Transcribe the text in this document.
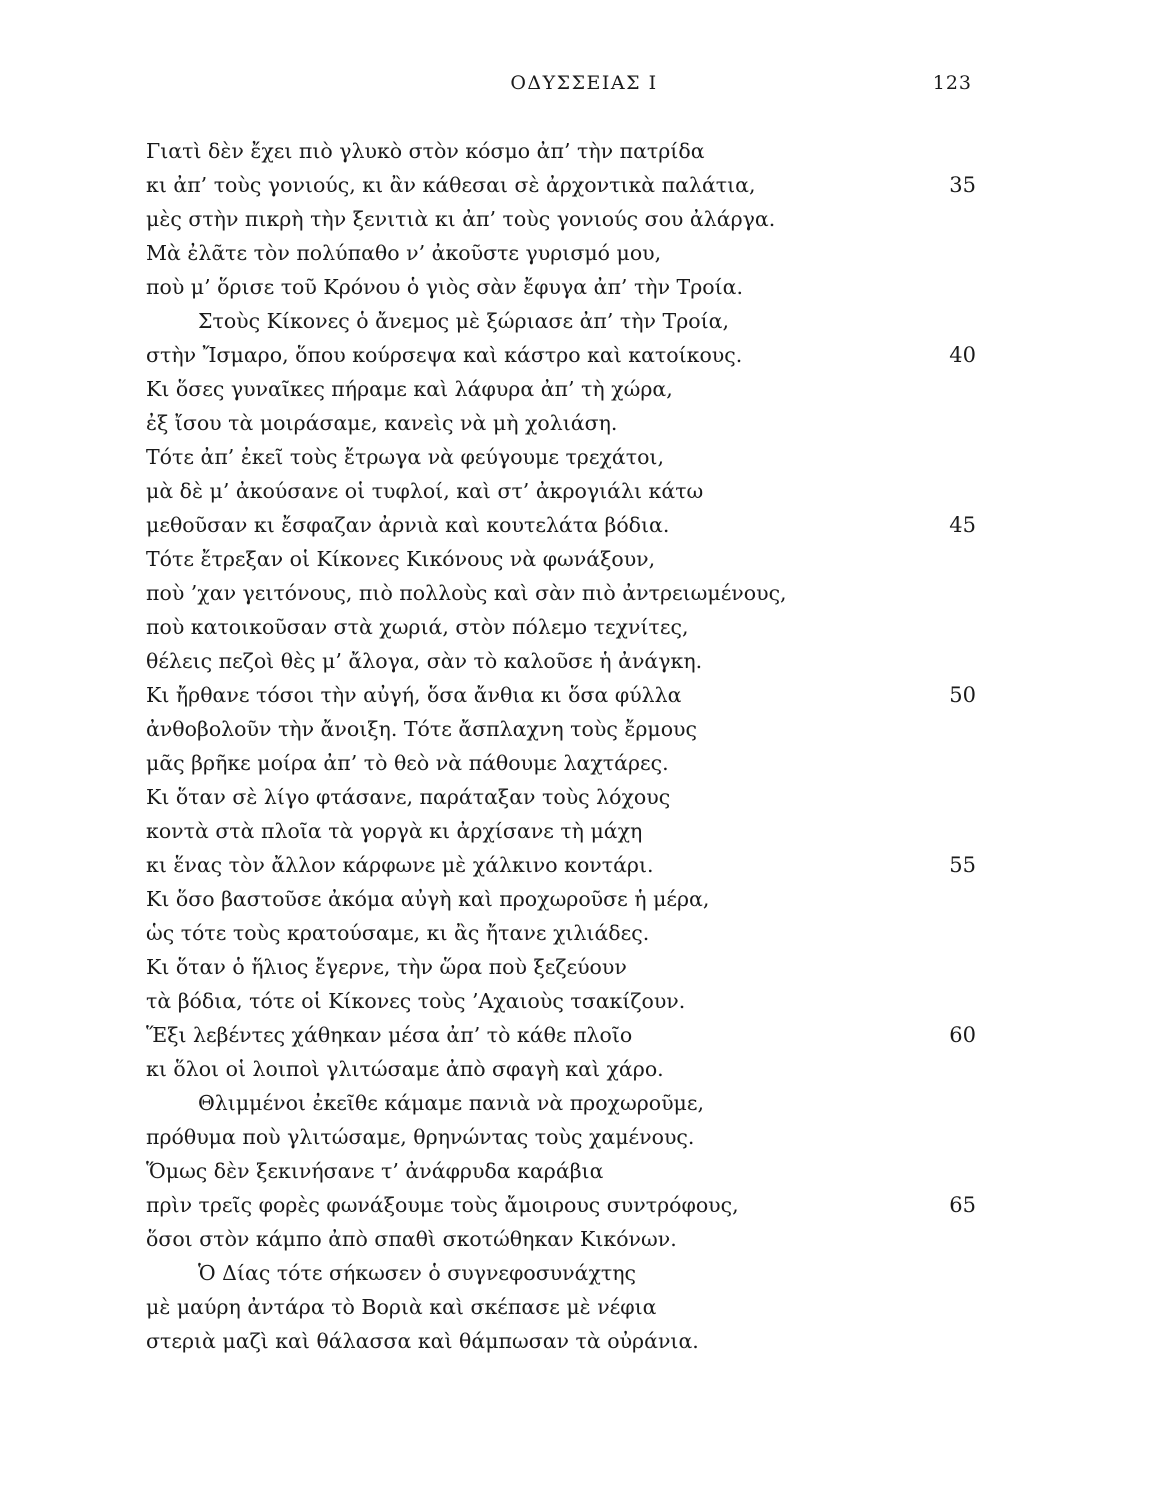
ΟΔΥΣΣΕΙΑΣ Ι	123
Γιατὶ δὲν ἔχει πιὸ γλυκὸ στὸν κόσμο ἀπ’ τὴν πατρίδα
κι ἀπ’ τοὺς γονιούς, κι ἂν κάθεσαι σὲ ἀρχοντικὰ παλάτια,	35
μὲς στὴν πικρὴ τὴν ξενιτιὰ κι ἀπ’ τοὺς γονιούς σου ἀλάργα.
Μὰ ἐλᾶτε τὸν πολύπαθο ν’ ἀκοῦστε γυρισμό μου,
ποὺ μ’ ὅρισε τοῦ Κρόνου ὁ γιὸς σὰν ἔφυγα ἀπ’ τὴν Τροία.
Στοὺς Κίκονες ὁ ἄνεμος μὲ ξώριασε ἀπ’ τὴν Τροία,
στὴν Ἴσμαρο, ὅπου κούρσεψα καὶ κάστρο καὶ κατοίκους.	40
Κι ὅσες γυναῖκες πήραμε καὶ λάφυρα ἀπ’ τὴ χώρα,
ἐξ ἴσου τὰ μοιράσαμε, κανεὶς νὰ μὴ χολιάση.
Τότε ἀπ’ ἐκεῖ τοὺς ἔτρωγα νὰ φεύγουμε τρεχάτοι,
μὰ δὲ μ’ ἀκούσανε οἱ τυφλοί, καὶ στ’ ἀκρογιάλι κάτω
μεθοῦσαν κι ἔσφαζαν ἀρνιὰ καὶ κουτελάτα βόδια.	45
Τότε ἔτρεξαν οἱ Κίκονες Κικόνους νὰ φωνάξουν,
ποὺ ’χαν γειτόνους, πιὸ πολλοὺς καὶ σὰν πιὸ ἀντρειωμένους,
ποὺ κατοικοῦσαν στὰ χωριά, στὸν πόλεμο τεχνίτες,
θέλεις πεζοὶ θὲς μ’ ἄλογα, σὰν τὸ καλοῦσε ἡ ἀνάγκη.
Κι ἤρθανε τόσοι τὴν αὐγή, ὅσα ἄνθια κι ὅσα φύλλα	50
ἀνθοβολοῦν τὴν ἄνοιξη. Τότε ἄσπλαχνη τοὺς ἔρμους
μᾶς βρῆκε μοίρα ἀπ’ τὸ θεὸ νὰ πάθουμε λαχτάρες.
Κι ὅταν σὲ λίγο φτάσανε, παράταξαν τοὺς λόχους
κοντὰ στὰ πλοῖα τὰ γοργὰ κι ἀρχίσανε τὴ μάχη
κι ἕνας τὸν ἄλλον κάρφωνε μὲ χάλκινο κοντάρι.	55
Κι ὅσο βαστοῦσε ἀκόμα αὐγὴ καὶ προχωροῦσε ἡ μέρα,
ὡς τότε τοὺς κρατούσαμε, κι ἂς ἤτανε χιλιάδες.
Κι ὅταν ὁ ἥλιος ἔγερνε, τὴν ὥρα ποὺ ξεζεύουν
τὰ βόδια, τότε οἱ Κίκονες τοὺς ’Αχαιοὺς τσακίζουν.
Ἕξι λεβέντες χάθηκαν μέσα ἀπ’ τὸ κάθε πλοῖο	60
κι ὅλοι οἱ λοιποὶ γλιτώσαμε ἀπὸ σφαγὴ καὶ χάρο.
Θλιμμένοι ἐκεῖθε κάμαμε πανιὰ νὰ προχωροῦμε,
πρόθυμα ποὺ γλιτώσαμε, θρηνώντας τοὺς χαμένους.
Ὅμως δὲν ξεκινήσανε τ’ ἀνάφρυδα καράβια
πρὶν τρεῖς φορὲς φωνάξουμε τοὺς ἄμοιρους συντρόφους,	65
ὅσοι στὸν κάμπο ἀπὸ σπαθὶ σκοτώθηκαν Κικόνων.
Ὁ Δίας τότε σήκωσεν ὁ συγνεφοσυνάχτης
μὲ μαύρη ἀντάρα τὸ Βοριὰ καὶ σκέπασε μὲ νέφια
στεριὰ μαζὶ καὶ θάλασσα καὶ θάμπωσαν τὰ οὐράνια.
